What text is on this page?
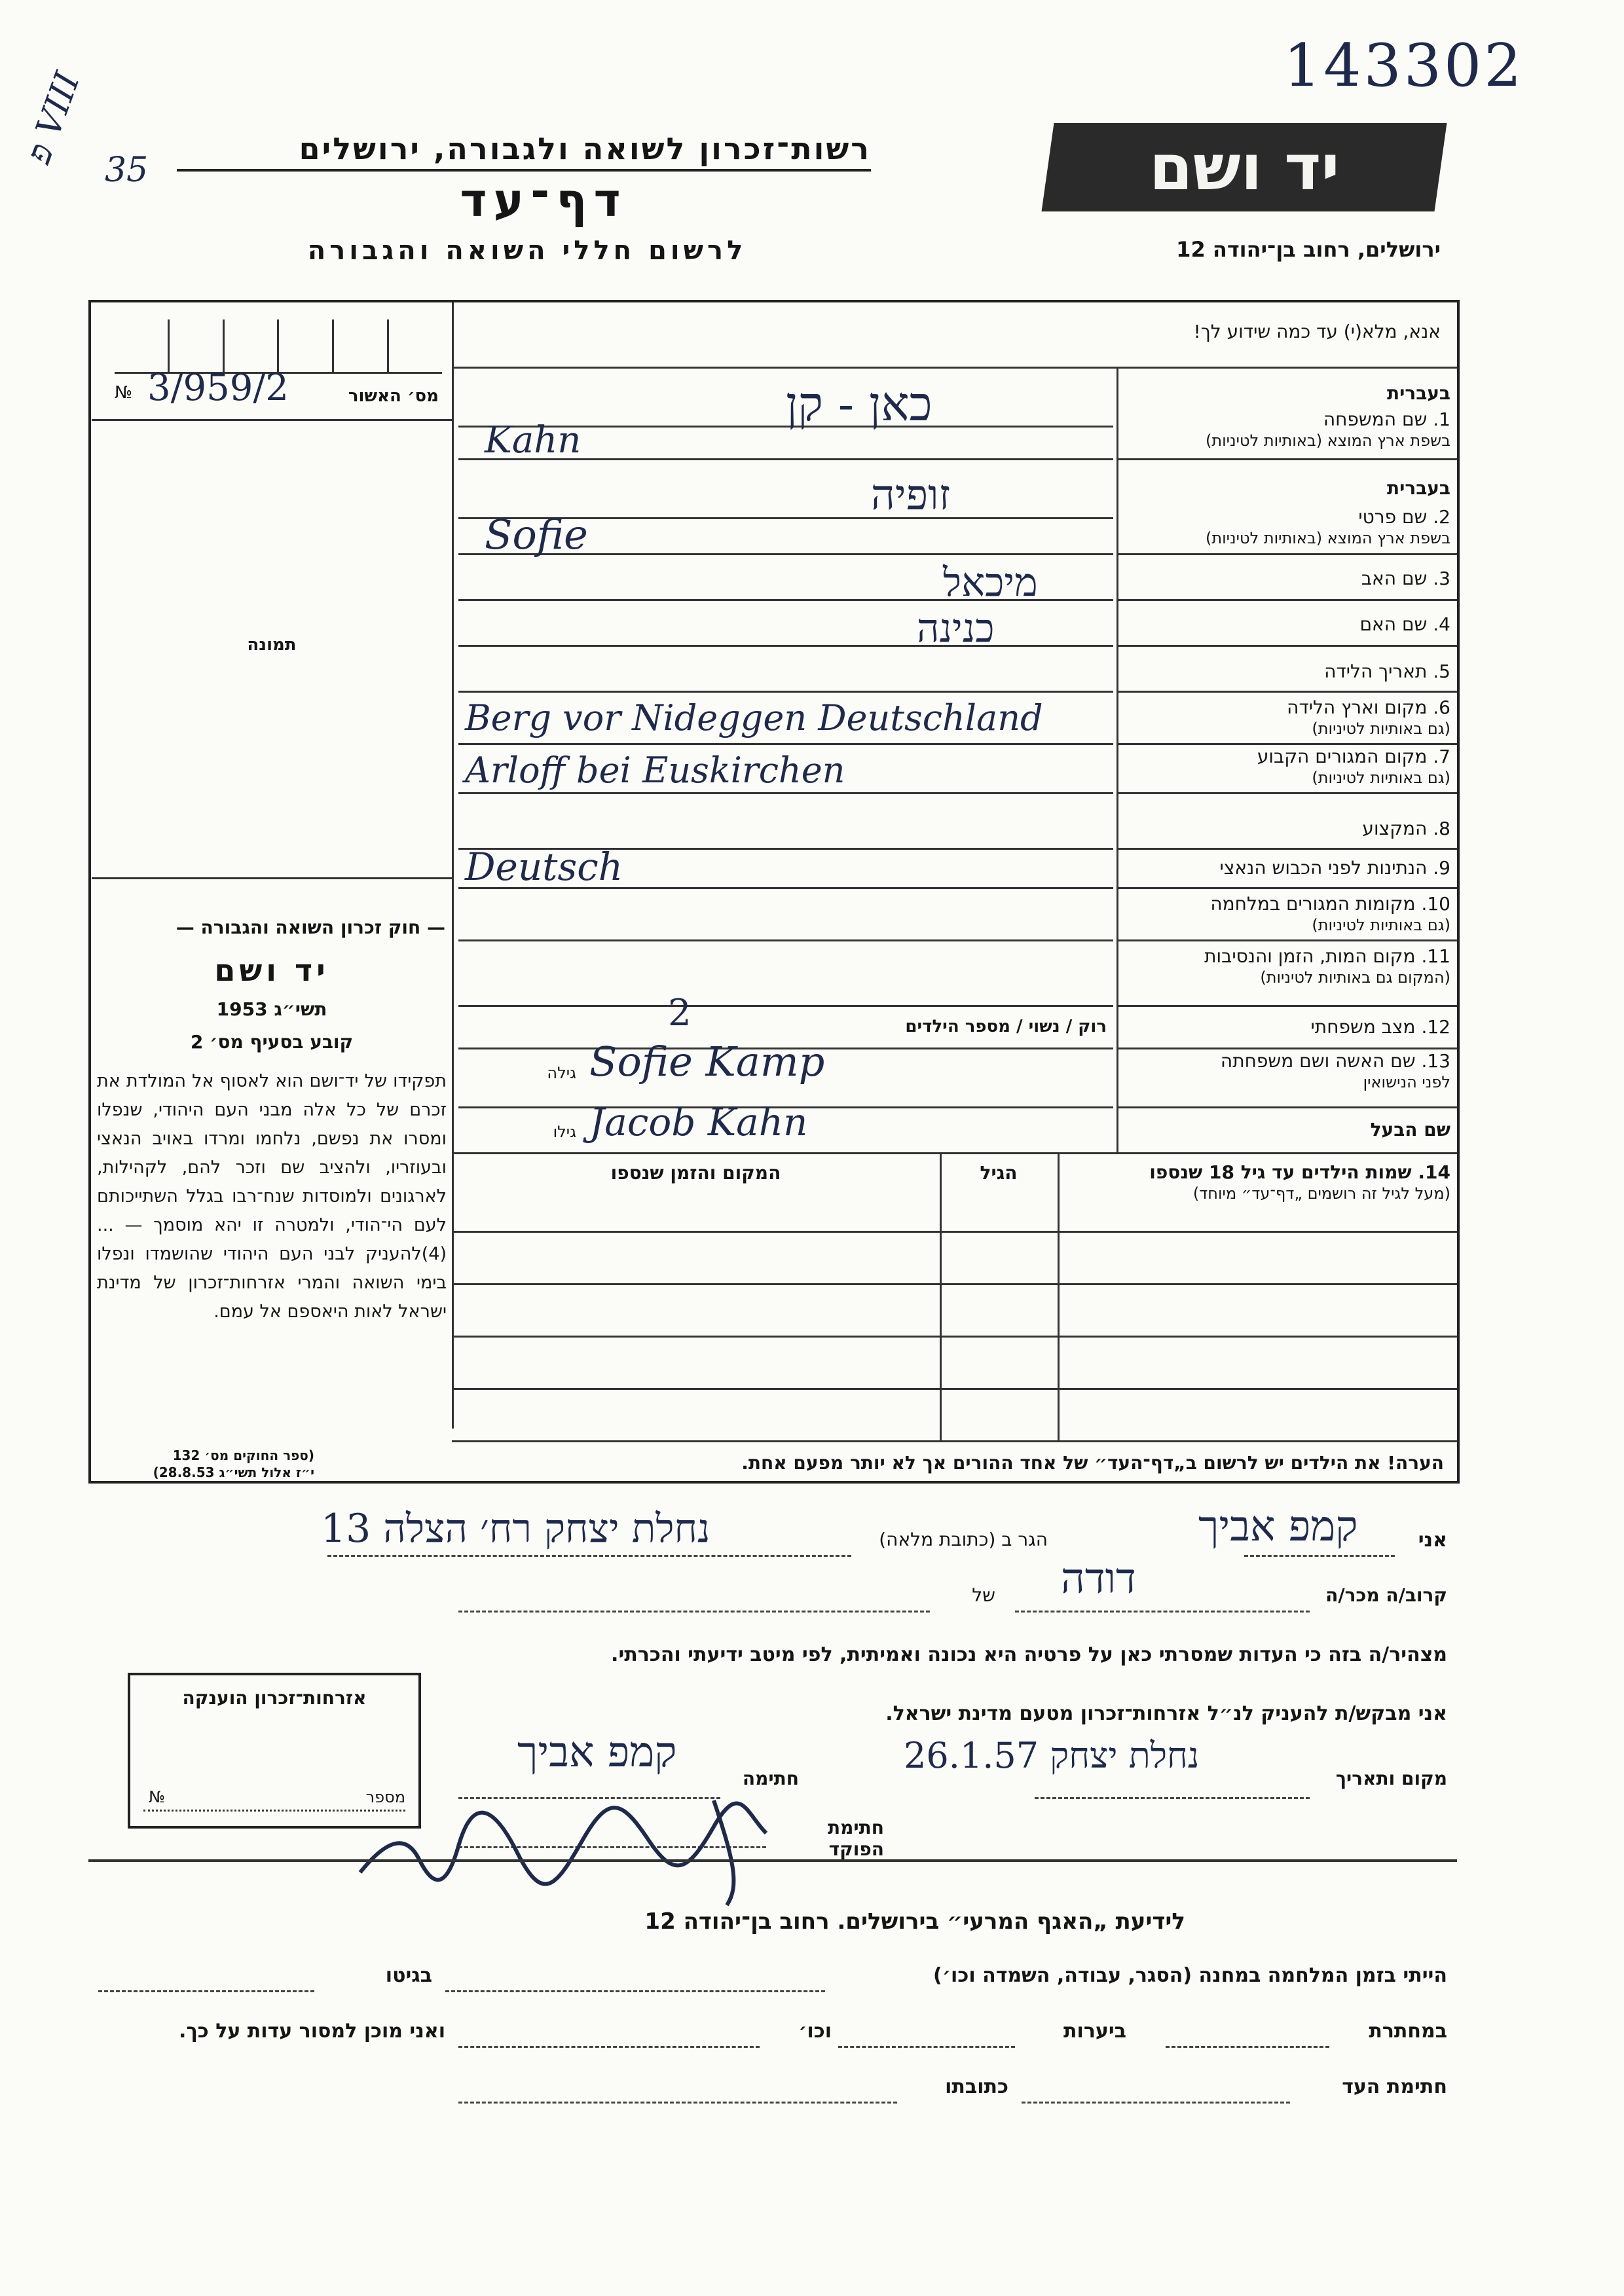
143302
פ VIII
35
רשות־זכרון לשואה ולגבורה, ירושלים
דף־עד
לרשום חללי השואה והגבורה
יד ושם
ירושלים, רחוב בן־יהודה 12
אנא, מלא(י) עד כמה שידוע לך!
№ 3/959/2	מס׳ האשור
תמונה
— חוק זכרון השואה והגבורה —
יד ושם
תשי״ג 1953
קובע בסעיף מס׳ 2
תפקידו של יד־ושם הוא לאסוף אל המולדת את זכרם של כל אלה מבני העם היהודי, שנפלו ומסרו את נפשם, נלחמו ומרדו באויב הנאצי ובעוזריו, ולהציב שם וזכר להם, לקהילות, לארגונים ולמוסדות שנח־רבו בגלל השתייכותם לעם הי־הודי, ולמטרה זו יהא מוסמך — ...(4)להעניק לבני העם היהודי שהושמדו ונפלו בימי השואה והמרי אזרחות־זכרון של מדינת ישראל לאות היאספם אל עמם.
(ספר החוקים מס׳ 132
י״ז אלול תשי״ג 28.8.53)
בעברית
1. שם המשפחה
בשפת ארץ המוצא (באותיות לטיניות)
כאן - קן
Kahn
בעברית
2. שם פרטי
בשפת ארץ המוצא (באותיות לטיניות)
זופיה
Sofie
3. שם האב
מיכאל
4. שם האם
כנינה
5. תאריך הלידה
6. מקום וארץ הלידה
(גם באותיות לטיניות)
Berg vor Nideggen Deutschland
7. מקום המגורים הקבוע
(גם באותיות לטיניות)
Arloff bei Euskirchen
8. המקצוע
9. הנתינות לפני הכבוש הנאצי
Deutsch
10. מקומות המגורים במלחמה
(גם באותיות לטיניות)
11. מקום המות, הזמן והנסיבות
(המקום גם באותיות לטיניות)
12. מצב משפחתי
רוק / נשוי / מספר הילדים
2
13. שם האשה ושם משפחתה
לפני הנישואין
גילה Sofie Kamp
שם הבעל
גילו Jacob Kahn
14. שמות הילדים עד גיל 18 שנספו
(מעל לגיל זה רושמים „דף־עד״ מיוחד)
הגיל
המקום והזמן שנספו
הערה! את הילדים יש לרשום ב„דף־העד״ של אחד ההורים אך לא יותר מפעם אחת.
אני
קמפ אביך
הגר ב (כתובת מלאה)
נחלת יצחק רח׳ הצלה 13
קרוב/ה מכר/ה
דודה
של
מצהיר/ה בזה כי העדות שמסרתי כאן על פרטיה היא נכונה ואמיתית, לפי מיטב ידיעתי והכרתי.
אזרחות־זכרון הוענקה
№	מספר
אני מבקש/ת להעניק לנ״ל אזרחות־זכרון מטעם מדינת ישראל.
מקום ותאריך
נחלת יצחק 26.1.57
חתימה
קמפ אביך
חתימת הפוקד
לידיעת „האגף המרעי״ בירושלים. רחוב בן־יהודה 12
הייתי בזמן המלחמה במחנה (הסגר, עבודה, השמדה וכו׳)
בגיטו
במחתרת
ביערות
וכו׳
ואני מוכן למסור עדות על כך.
חתימת העד
כתובתו
